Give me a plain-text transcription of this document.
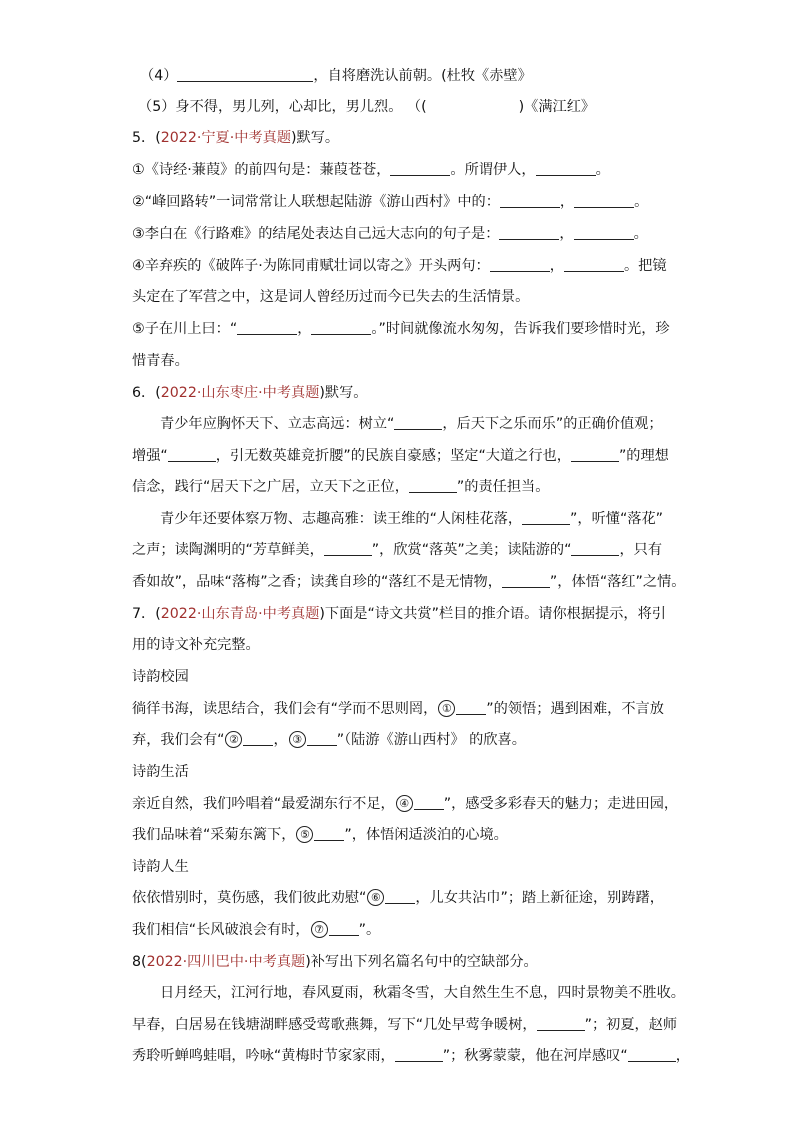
（4）	，自将磨洗认前朝。(杜牧《赤壁》
（5）身不得，男儿列，心却比，男儿烈。 （(	)《满江红》
5．(2022·宁夏·中考真题)默写。
①《诗经·蒹葭》的前四句是：蒹葭苍苍，	。所谓伊人，	。
②“峰回路转”一词常常让人联想起陆游《游山西村》中的：	，	。
③李白在《行路难》的结尾处表达自己远大志向的句子是：	，	。
④辛弃疾的《破阵子·为陈同甫赋壮词以寄之》开头两句：	，	。把镜
头定在了军营之中，这是词人曾经历过而今已失去的生活情景。
⑤子在川上曰：“	，	。”时间就像流水匆匆，告诉我们要珍惜时光，珍
惜青春。
6．(2022·山东枣庄·中考真题)默写。
青少年应胸怀天下、立志高远：树立“	，后天下之乐而乐”的正确价值观；
增强“	，引无数英雄竞折腰”的民族自豪感；坚定“大道之行也，	”的理想
信念，践行“居天下之广居，立天下之正位，	”的责任担当。
青少年还要体察万物、志趣高雅：读王维的“人闲桂花落，	”，听懂“落花”
之声；读陶渊明的“芳草鲜美，	”，欣赏“落英”之美；读陆游的“	，只有
香如故”，品味“落梅”之香；读龚自珍的“落红不是无情物，	”，体悟“落红”之情。
7．(2022·山东青岛·中考真题)下面是“诗文共赏”栏目的推介语。请你根据提示，将引
用的诗文补充完整。
诗韵校园
徜徉书海，读思结合，我们会有“学而不思则罔， ① ”的领悟；遇到困难，不言放
弃，我们会有“ ② ， ③ ”（陆游《游山西村》 的欣喜。
诗韵生活
亲近自然，我们吟唱着“最爱湖东行不足， ④ ”，感受多彩春天的魅力；走进田园，
我们品味着“采菊东篱下， ⑤ ”，体悟闲适淡泊的心境。
诗韵人生
依依惜别时，莫伤感，我们彼此劝慰“ ⑥ ，儿女共沾巾”；踏上新征途，别踌躇，
我们相信“长风破浪会有时， ⑦ ”。
8(2022·四川巴中·中考真题)补写出下列名篇名句中的空缺部分。
日月经天，江河行地，春风夏雨，秋霜冬雪，大自然生生不息，四时景物美不胜收。
早春，白居易在钱塘湖畔感受莺歌燕舞，写下“几处早莺争暖树，	”；初夏，赵师
秀聆听蝉鸣蛙唱，吟咏“黄梅时节家家雨，	”；秋雾蒙蒙，他在河岸感叹“	，
